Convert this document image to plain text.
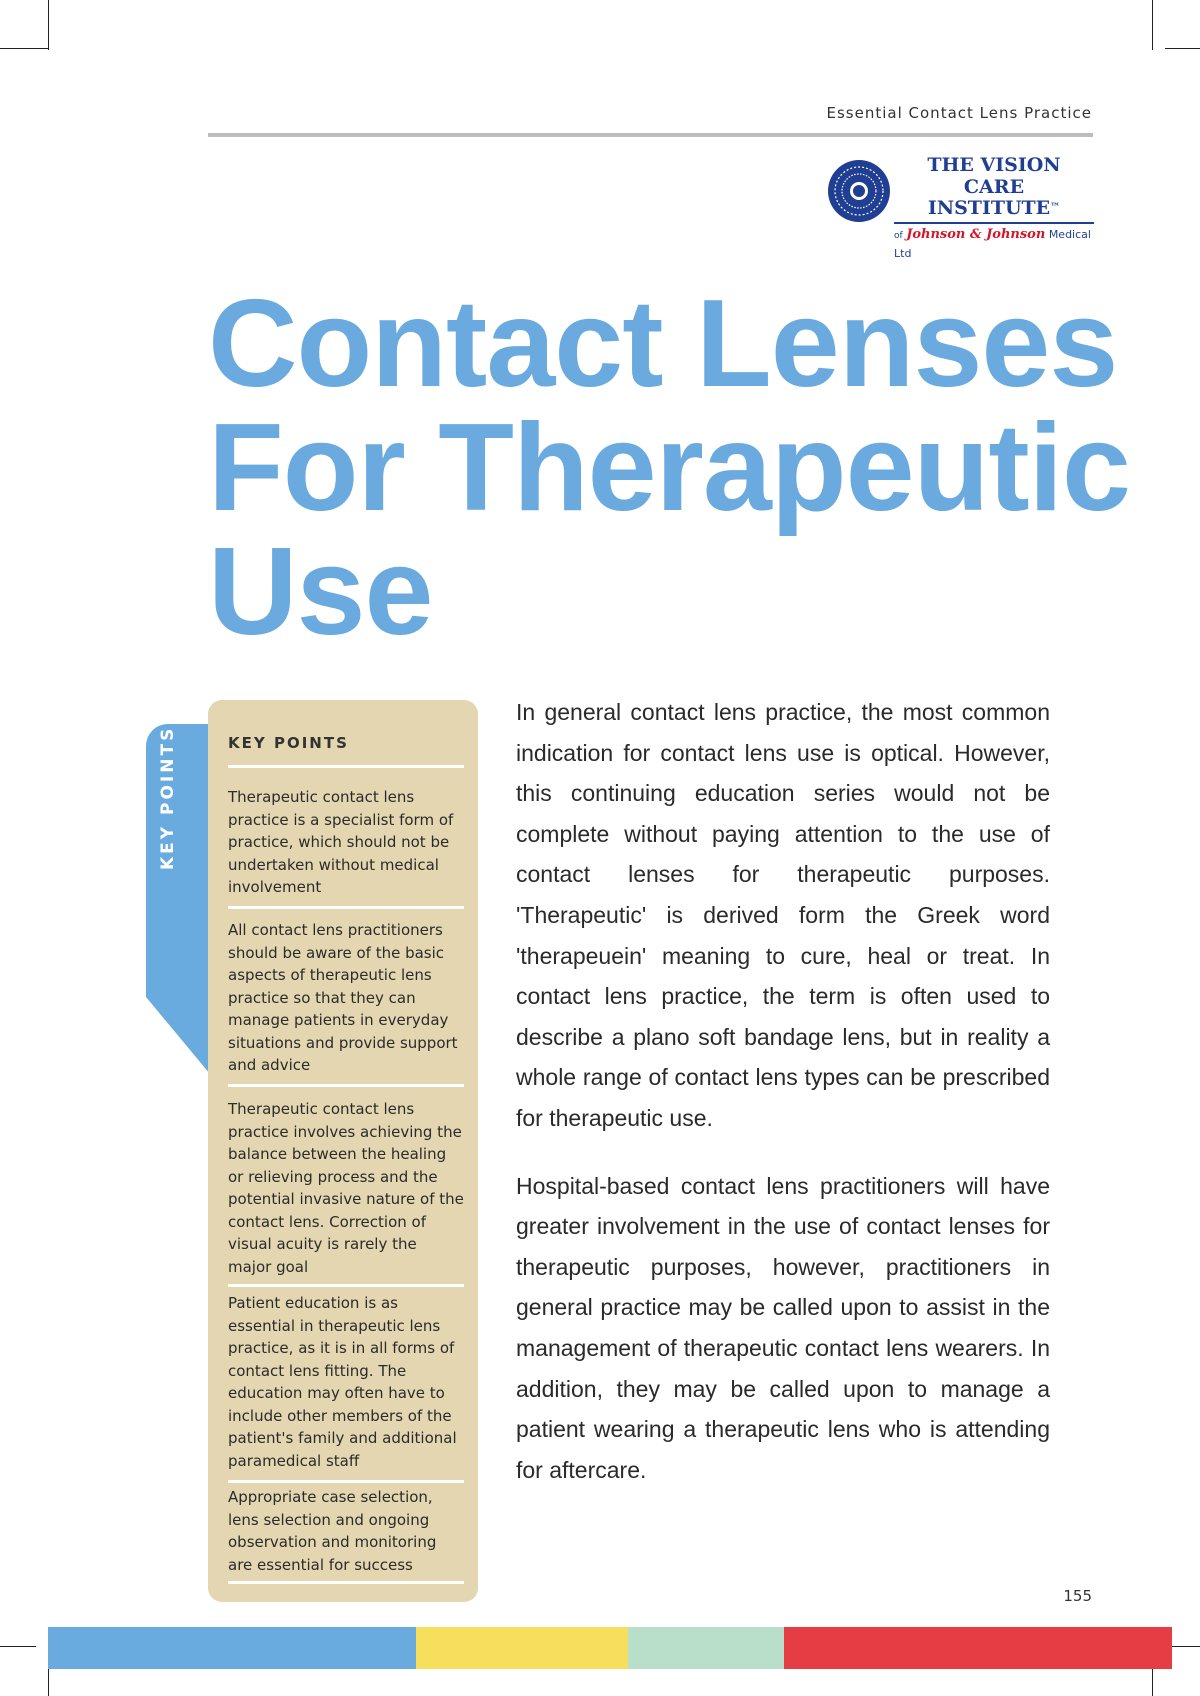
Essential Contact Lens Practice
THE VISION CARE
INSTITUTE™
of Johnson & Johnson Medical Ltd
Contact Lenses
For Therapeutic
Use
KEY POINTS	KEY POINTS
Therapeutic contact lens practice is a specialist form of practice, which should not be undertaken without medical involvement
All contact lens practitioners should be aware of the basic aspects of therapeutic lens practice so that they can manage patients in everyday situations and provide support and advice
Therapeutic contact lens practice involves achieving the balance between the healing or relieving process and the potential invasive nature of the contact lens. Correction of visual acuity is rarely the major goal
Patient education is as essential in therapeutic lens practice, as it is in all forms of contact lens fitting. The education may often have to include other members of the patient's family and additional paramedical staff
Appropriate case selection, lens selection and ongoing observation and monitoring are essential for success

In general contact lens practice, the most common indication for contact lens use is optical. However, this continuing education series would not be complete without paying attention to the use of contact lenses for therapeutic purposes. 'Therapeutic' is derived form the Greek word 'therapeuein' meaning to cure, heal or treat. In contact lens practice, the term is often used to describe a plano soft bandage lens, but in reality a whole range of contact lens types can be prescribed for therapeutic use.

Hospital-based contact lens practitioners will have greater involvement in the use of contact lenses for therapeutic purposes, however, practitioners in general practice may be called upon to assist in the management of therapeutic contact lens wearers. In addition, they may be called upon to manage a patient wearing a therapeutic lens who is attending for aftercare.

155
